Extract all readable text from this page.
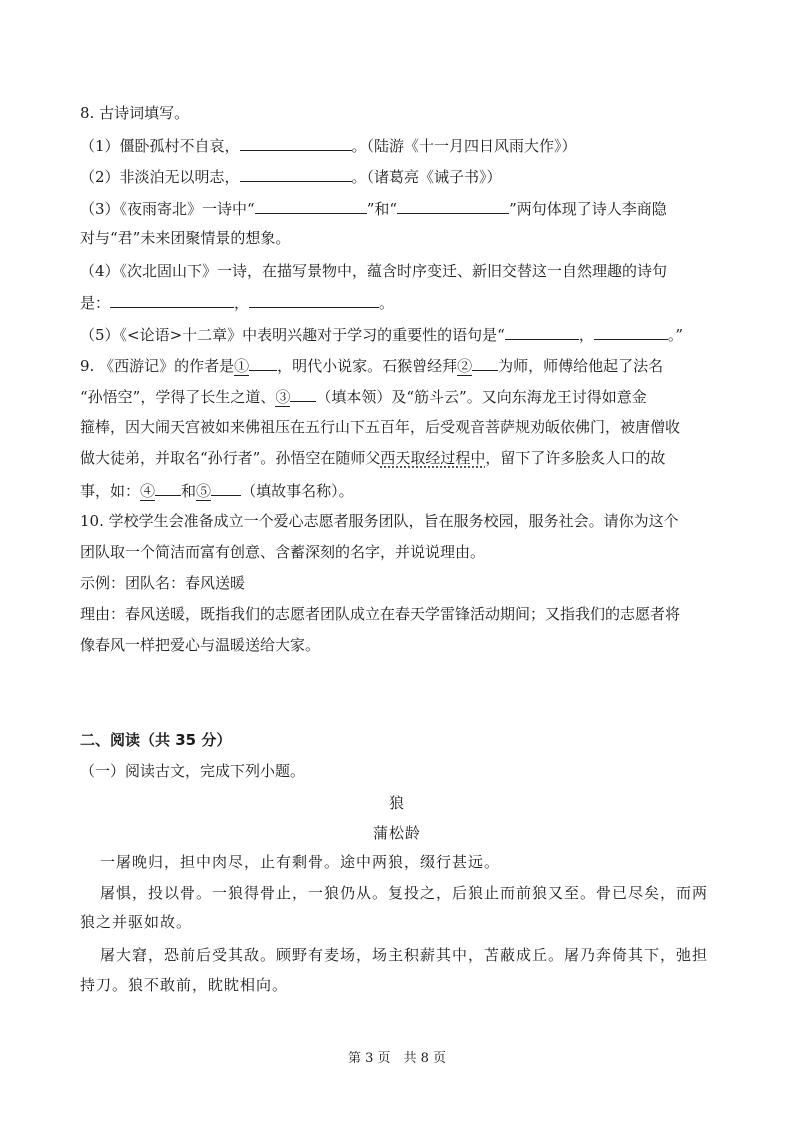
8. 古诗词填写。
（1）僵卧孤村不自哀，	。（陆游《十一月四日风雨大作》）
（2）非淡泊无以明志，	。（诸葛亮《诫子书》）
（3）《夜雨寄北》一诗中“	”和“	”两句体现了诗人李商隐
对与“君”未来团聚情景的想象。
（4）《次北固山下》一诗，在描写景物中，蕴含时序变迁、新旧交替这一自然理趣的诗句
是：	，	。
（5）《<论语>十二章》中表明兴趣对于学习的重要性的语句是“	，	。”
9. 《西游记》的作者是① ，明代小说家。石猴曾经拜② 为师，师傅给他起了法名
“孙悟空”，学得了长生之道、③ （填本领）及“筋斗云”。又向东海龙王讨得如意金
箍棒，因大闹天宫被如来佛祖压在五行山下五百年，后受观音菩萨规劝皈依佛门，被唐僧收
做大徒弟，并取名“孙行者”。孙悟空在随师父西天取经过程中，留下了许多脍炙人口的故
事，如：④ 和⑤ （填故事名称）。
10. 学校学生会准备成立一个爱心志愿者服务团队，旨在服务校园，服务社会。请你为这个
团队取一个简洁而富有创意、含蓄深刻的名字，并说说理由。
示例：团队名：春风送暖
理由：春风送暖，既指我们的志愿者团队成立在春天学雷锋活动期间；又指我们的志愿者将
像春风一样把爱心与温暖送给大家。
二、阅读（共 35 分）
（一）阅读古文，完成下列小题。
狼
蒲松龄
一屠晚归，担中肉尽，止有剩骨。途中两狼，缀行甚远。
屠惧，投以骨。一狼得骨止，一狼仍从。复投之，后狼止而前狼又至。骨已尽矣，而两
狼之并驱如故。
屠大窘，恐前后受其敌。顾野有麦场，场主积薪其中，苫蔽成丘。屠乃奔倚其下，弛担
持刀。狼不敢前，眈眈相向。
第 3 页　共 8 页
